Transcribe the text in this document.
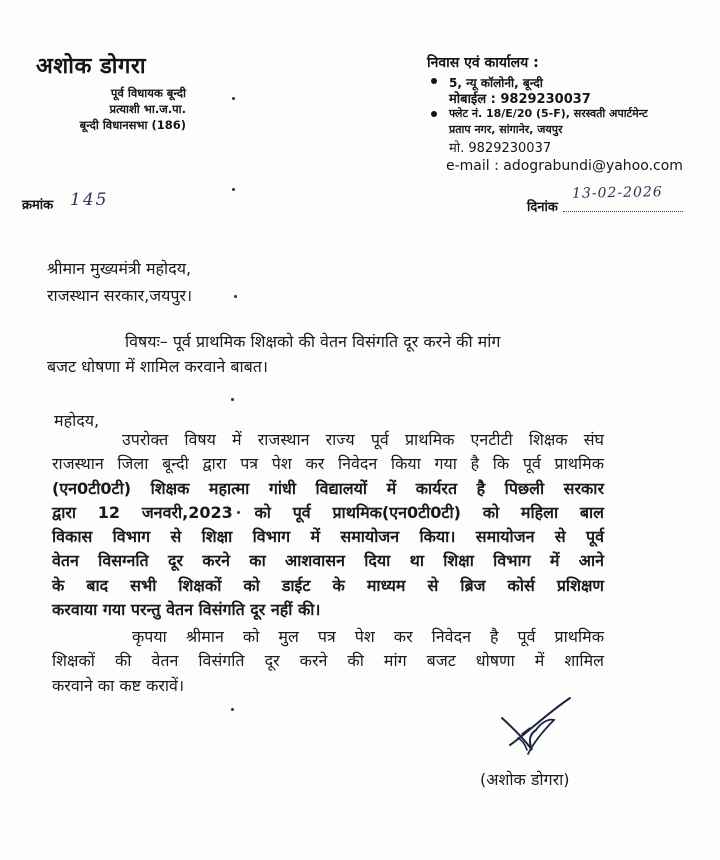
अशोक डोगरा
पूर्व विधायक बून्दी
प्रत्याशी भा.ज.पा.
बून्दी विधानसभा (186)
निवास एवं कार्यालय :
5, न्यू कॉलोनी, बून्दी
मोबाईल : 9829230037
फ्लेट नं. 18/E/20 (5-F), सरस्वती अपार्टमेन्ट
प्रताप नगर, सांगानेर, जयपुर
मो. 9829230037
e-mail : adograbundi@yahoo.com
क्रमांक 145	दिनांक
13-02-2026
श्रीमान मुख्यमंत्री महोदय,
राजस्थान सरकार,जयपुर।
विषयः– पूर्व प्राथमिक शिक्षको की वेतन विसंगति दूर करने की मांग
बजट धोषणा में शामिल करवाने बाबत।
महोदय,
उपरोक्त विषय में राजस्थान राज्य पूर्व प्राथमिक एनटीटी शिक्षक संघ
राजस्थान जिला बून्दी द्वारा पत्र पेश कर निवेदन किया गया है कि पूर्व प्राथमिक
(एन0टी0टी) शिक्षक महात्मा गांधी विद्यालयों में कार्यरत है पिछली सरकार
द्वारा 12 जनवरी,2023 को पूर्व प्राथमिक(एन0टी0टी) को महिला बाल
विकास विभाग से शिक्षा विभाग में समायोजन किया। समायोजन से पूर्व
वेतन विसग्नति दूर करने का आशवासन दिया था शिक्षा विभाग में आने
के बाद सभी शिक्षकों को डाईट के माध्यम से ब्रिज कोर्स प्रशिक्षण
करवाया गया परन्तु वेतन विसंगति दूर नहीं की।
कृपया श्रीमान को मुल पत्र पेश कर निवेदन है पूर्व प्राथमिक
शिक्षकों की वेतन विसंगति दूर करने की मांग बजट धोषणा में शामिल
करवाने का कष्ट करावें।
(अशोक डोगरा)
